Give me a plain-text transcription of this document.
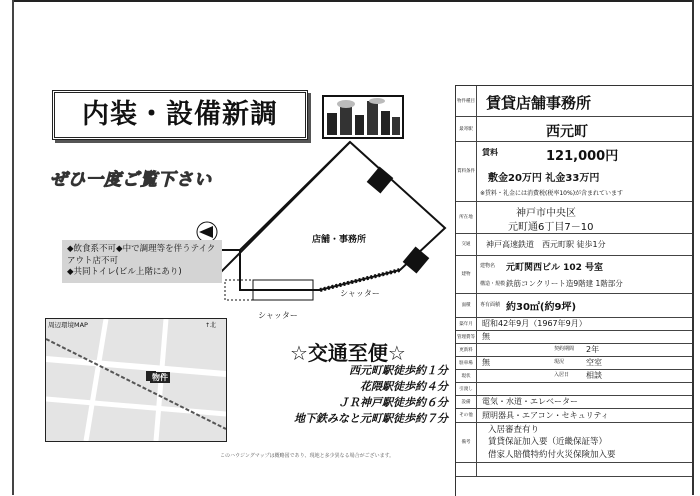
内装・設備新調
ぜひ一度ご覧下さい
店舗・事務所
シャッター
シャッター
◆飲食系不可◆中で調理等を伴うテイクアウト店不可
◆共同トイレ(ビル上階にあり)
周辺環境MAP	↑北
物件
☆交通至便☆
西元町駅徒歩約１分
花隈駅徒歩約４分
ＪＲ神戸駅徒歩約６分
地下鉄みなと元町駅徒歩約７分
このハウジングマップは概略図であり、現地と多少異なる場合がございます。
物件種目 賃貸店舗事務所
最寄駅	西元町
賃料条件
賃料	121,000円
敷金20万円 礼金33万円
※賃料・礼金には消費税(税率10%)が含まれています
所在地	神戸市中央区
元町通6丁目7－10
交通	神戸高速鉄道　西元町駅 徒歩1分
建物
建物名 元町関西ビル 102 号室
構造・規模 鉄筋コンクリート造9階建 1階部分
面積	専有面積 約30㎡(約9坪)
築年月	昭和42年9月（1967年9月）
管理費等 無
更新料	契約期間 2年
駐車場	無	現況	空室
現状	入居日 相談
引渡し
設備	電気・水道・エレベーター
その他	照明器具・エアコン・セキュリティ
備考
入居審査有り
賃貸保証加入要（近畿保証等）
借家人賠償特約付火災保険加入要
